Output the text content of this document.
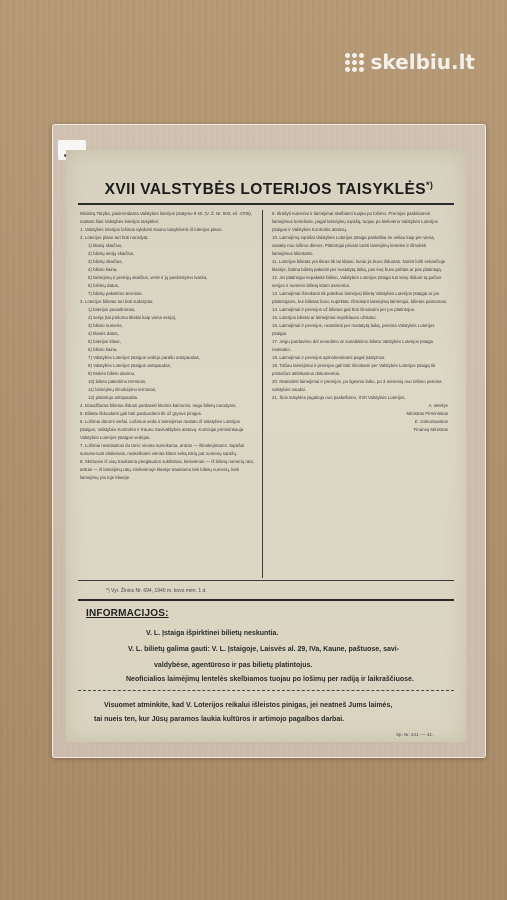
skelbiu.lt
XVII VALSTYBĖS LOTERIJOS TAISYKLĖS*)

Ministrų Taryba, pasiremdama Valstybės loterijos įstatymo 9 str. (V. Ž. Nr. 503, eil. 4705), nustato šias Valstybės loterijos taisykles:

1. Valstybės loterijos lošimai vykdomi Kauno taisyklėmis iš loterijos plano.

2. Loterijos plane turi būti nurodyta:

1) klasių skaičius,

2) bilietų serijų skaičius,

3) bilietų skaičius,

4) bilieto kaina,

5) laimėjimų ir premijų skaičius, vertė ir jų paskirstymo tvarka,

6) lošimų datos,

7) bilietų pakeitimo terminai.

3. Loterijos bilietas turi būti sudarytas:

1) loterijos pavadinimas,

2) serija (tai įrašoma tiksliai kaip viena serija),

3) bilieto numeris,

4) klasės datos,

5) loterijos klasė,

6) bilieto kaina,

7) Valstybės Loterijos Įstaigos vedėjo parašo antspaudas,

8) Valstybės Loterijos Įstaigos antspaudas,

9) Mokės bilieto davimo,

10) bilieto pakeitimo terminas,

11) laimėjimų išmokėjimo terminas,

12) platintojo antspaudas.

4. Draudžiama bilietus išduoti pardavėti kitomis kainomis, negu bilietų nurodytos.

5. Bilietai išduodami gali būti parduodami tik už grynus pinigus.

6. Lošimai daromi viešai. Lošimus veda ir laimėjimus nustato iš Valstybės Loterijos Įstaigos, Valstybės Kontrolės ir Kauno Savivaldybės atstovų. Komisijai pirmininkauja Valstybės Loterijos Įstaigos vedėjas.

7. Lošimai nesiskaitosi du tarsi: vienas sumokama, antras — išmokėjimams. Sąrašai sunumeruoti ekdieniais, nuskelbiami vienas kitam seką tokių pat numerių sąrašų.

8. Skirtuose iš visų traukiama prieglaudos sukibtiniai, kiekvienas — iš bilietų numerių rato, antras — iš laimėjimų ratų. Kiekvienoje klasėje traukiama tiek bilietų numerių, kiek laimėjimų yra toje klasėje.

9. Išrašyti numeriai ir laimėjimai skelbiami tuojau po lošimo. Premijos paskiriamos laimėjimus korteliose, pagal laimėjimų sąrašą, tuojau po kiekvieno Valstybės Loterijos Įstaigos ir Valstybės Kontrolės atstovų.

10. Laimėjimų sąrašai Valstybės Loterijos Įstaiga paskelbia ne vėliau kaip per vieną savaitę nuo lošimo dienos. Platintojai privalo turėti laimėjimų lenteles ir išmokėti laimėjimus klientams.

11. Loterijos bilietas yra tikras tik tai klasei, kuriai jis buvo išduotas. Norint lošti sekančioje klasėje, būtina bilietą pakeisti per nustatytą laiką, pas kurį buvo pirktas ar pas platintoją.

12. Jei platintojai nepakeitė bilieto, Valstybės Loterijos Įstaiga turi teisę išduoti tą pačios serijos ir numerio bilietą kitam asmeniui.

13. Laimėjimai išmokami tik pateikus laimėjusį bilietą Valstybės Loterijos Įstaigai ar jos platintojams, kur bilietas buvo nupirktas. Išmokant laimėjimą laimėtojui, bilietas paimamas.

14. Laimėjimai ir premijos už bilietus gali būti išmokami per jos platintojus.

15. Loterijos bilietai ar laimėjimai nepriklauso užstatui.

16. Laimėjimai ir premijos, neatsiimti per nustatytą laiką, pereina Valstybės Loterijos Įstaigai.

17. Jeigu pardavimo dėl nevedimo ar sunaikinimo bilieto Valstybės Loterijos Įstaiga neatsako.

18. Laimėjimai ir premijos apmokestinami pagal įstatymus.

19. Tačiau laimėjimai ir premijos gali būti išmokami per Valstybės Loterijos Įstaigą tik pristačius atitinkamus dokumentus.

20. Neatsiimti laimėjimai ir premijos, po ilgesnio laiko, po 3 mėnesių nuo lošimo pereina valstybės naudai.

21. Šios taisyklės įsigalioja nuo paskelbimo, XVII Valstybės Loterijos.

A. Merkys

Ministras Pirmininkas

E. Galvanauskas

Finansų Ministras

*) Vyr. Žinios Nr. 694, 1940 m. kovo mėn. 1 d.
INFORMACIJOS:
V. L. Įstaiga išpirktinei bilietų neskuntia.
V. L. bilietų galima gauti: V. L. Įstaigoje, Laisvės al. 29, IVa, Kaune, paštuose, savi-
valdybėse, agentūroso ir pas bilietų platintojus.
Neoficialios laimėjimų lentelės skelbiamos tuojau po lošimų per radiją ir laikraščiuose.
Visuomet atminkite, kad V. Loterijos reikalui išleistos pinigas, jei neatneš Jums laimės,
tai nueis ten, kur Jūsų paramos laukia kultūros ir artimojo pagalbos darbai.
Sp. Nr. 441. — 41.
